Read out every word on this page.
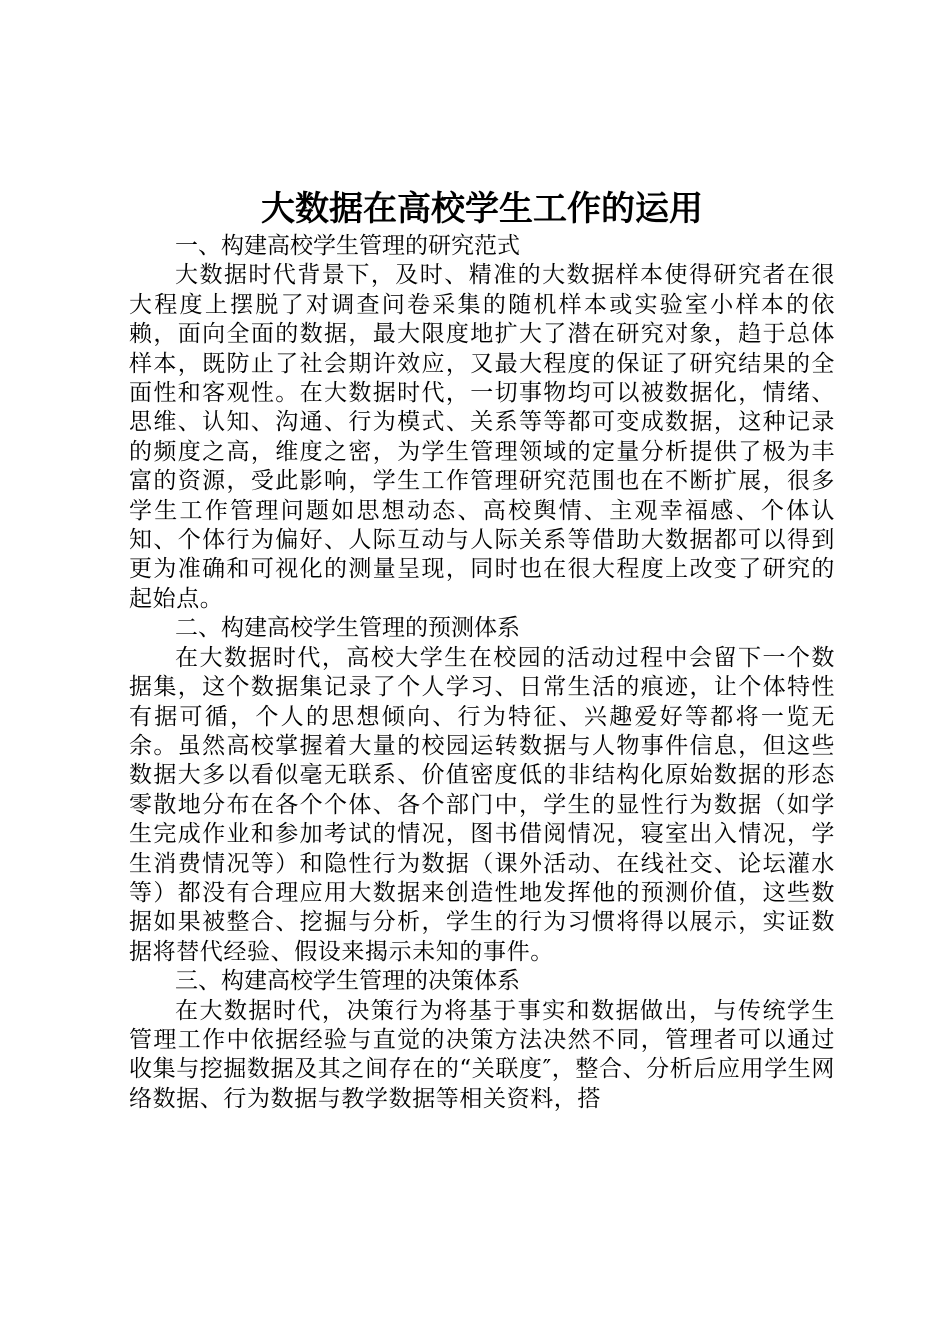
大数据在高校学生工作的运用

一、构建高校学生管理的研究范式

大数据时代背景下，及时、精准的大数据样本使得研究者在很大程度上摆脱了对调查问卷采集的随机样本或实验室小样本的依赖，面向全面的数据，最大限度地扩大了潜在研究对象，趋于总体样本，既防止了社会期许效应，又最大程度的保证了研究结果的全面性和客观性。在大数据时代，一切事物均可以被数据化，情绪、思维、认知、沟通、行为模式、关系等等都可变成数据，这种记录的频度之高，维度之密，为学生管理领域的定量分析提供了极为丰富的资源，受此影响，学生工作管理研究范围也在不断扩展，很多学生工作管理问题如思想动态、高校舆情、主观幸福感、个体认知、个体行为偏好、人际互动与人际关系等借助大数据都可以得到更为准确和可视化的测量呈现，同时也在很大程度上改变了研究的起始点。

二、构建高校学生管理的预测体系

在大数据时代，高校大学生在校园的活动过程中会留下一个数据集，这个数据集记录了个人学习、日常生活的痕迹，让个体特性有据可循，个人的思想倾向、行为特征、兴趣爱好等都将一览无余。虽然高校掌握着大量的校园运转数据与人物事件信息，但这些数据大多以看似毫无联系、价值密度低的非结构化原始数据的形态零散地分布在各个个体、各个部门中，学生的显性行为数据（如学生完成作业和参加考试的情况，图书借阅情况，寝室出入情况，学生消费情况等）和隐性行为数据（课外活动、在线社交、论坛灌水等）都没有合理应用大数据来创造性地发挥他的预测价值，这些数据如果被整合、挖掘与分析，学生的行为习惯将得以展示，实证数据将替代经验、假设来揭示未知的事件。

三、构建高校学生管理的决策体系

在大数据时代，决策行为将基于事实和数据做出，与传统学生管理工作中依据经验与直觉的决策方法决然不同，管理者可以通过收集与挖掘数据及其之间存在的“关联度″，整合、分析后应用学生网络数据、行为数据与教学数据等相关资料，搭
